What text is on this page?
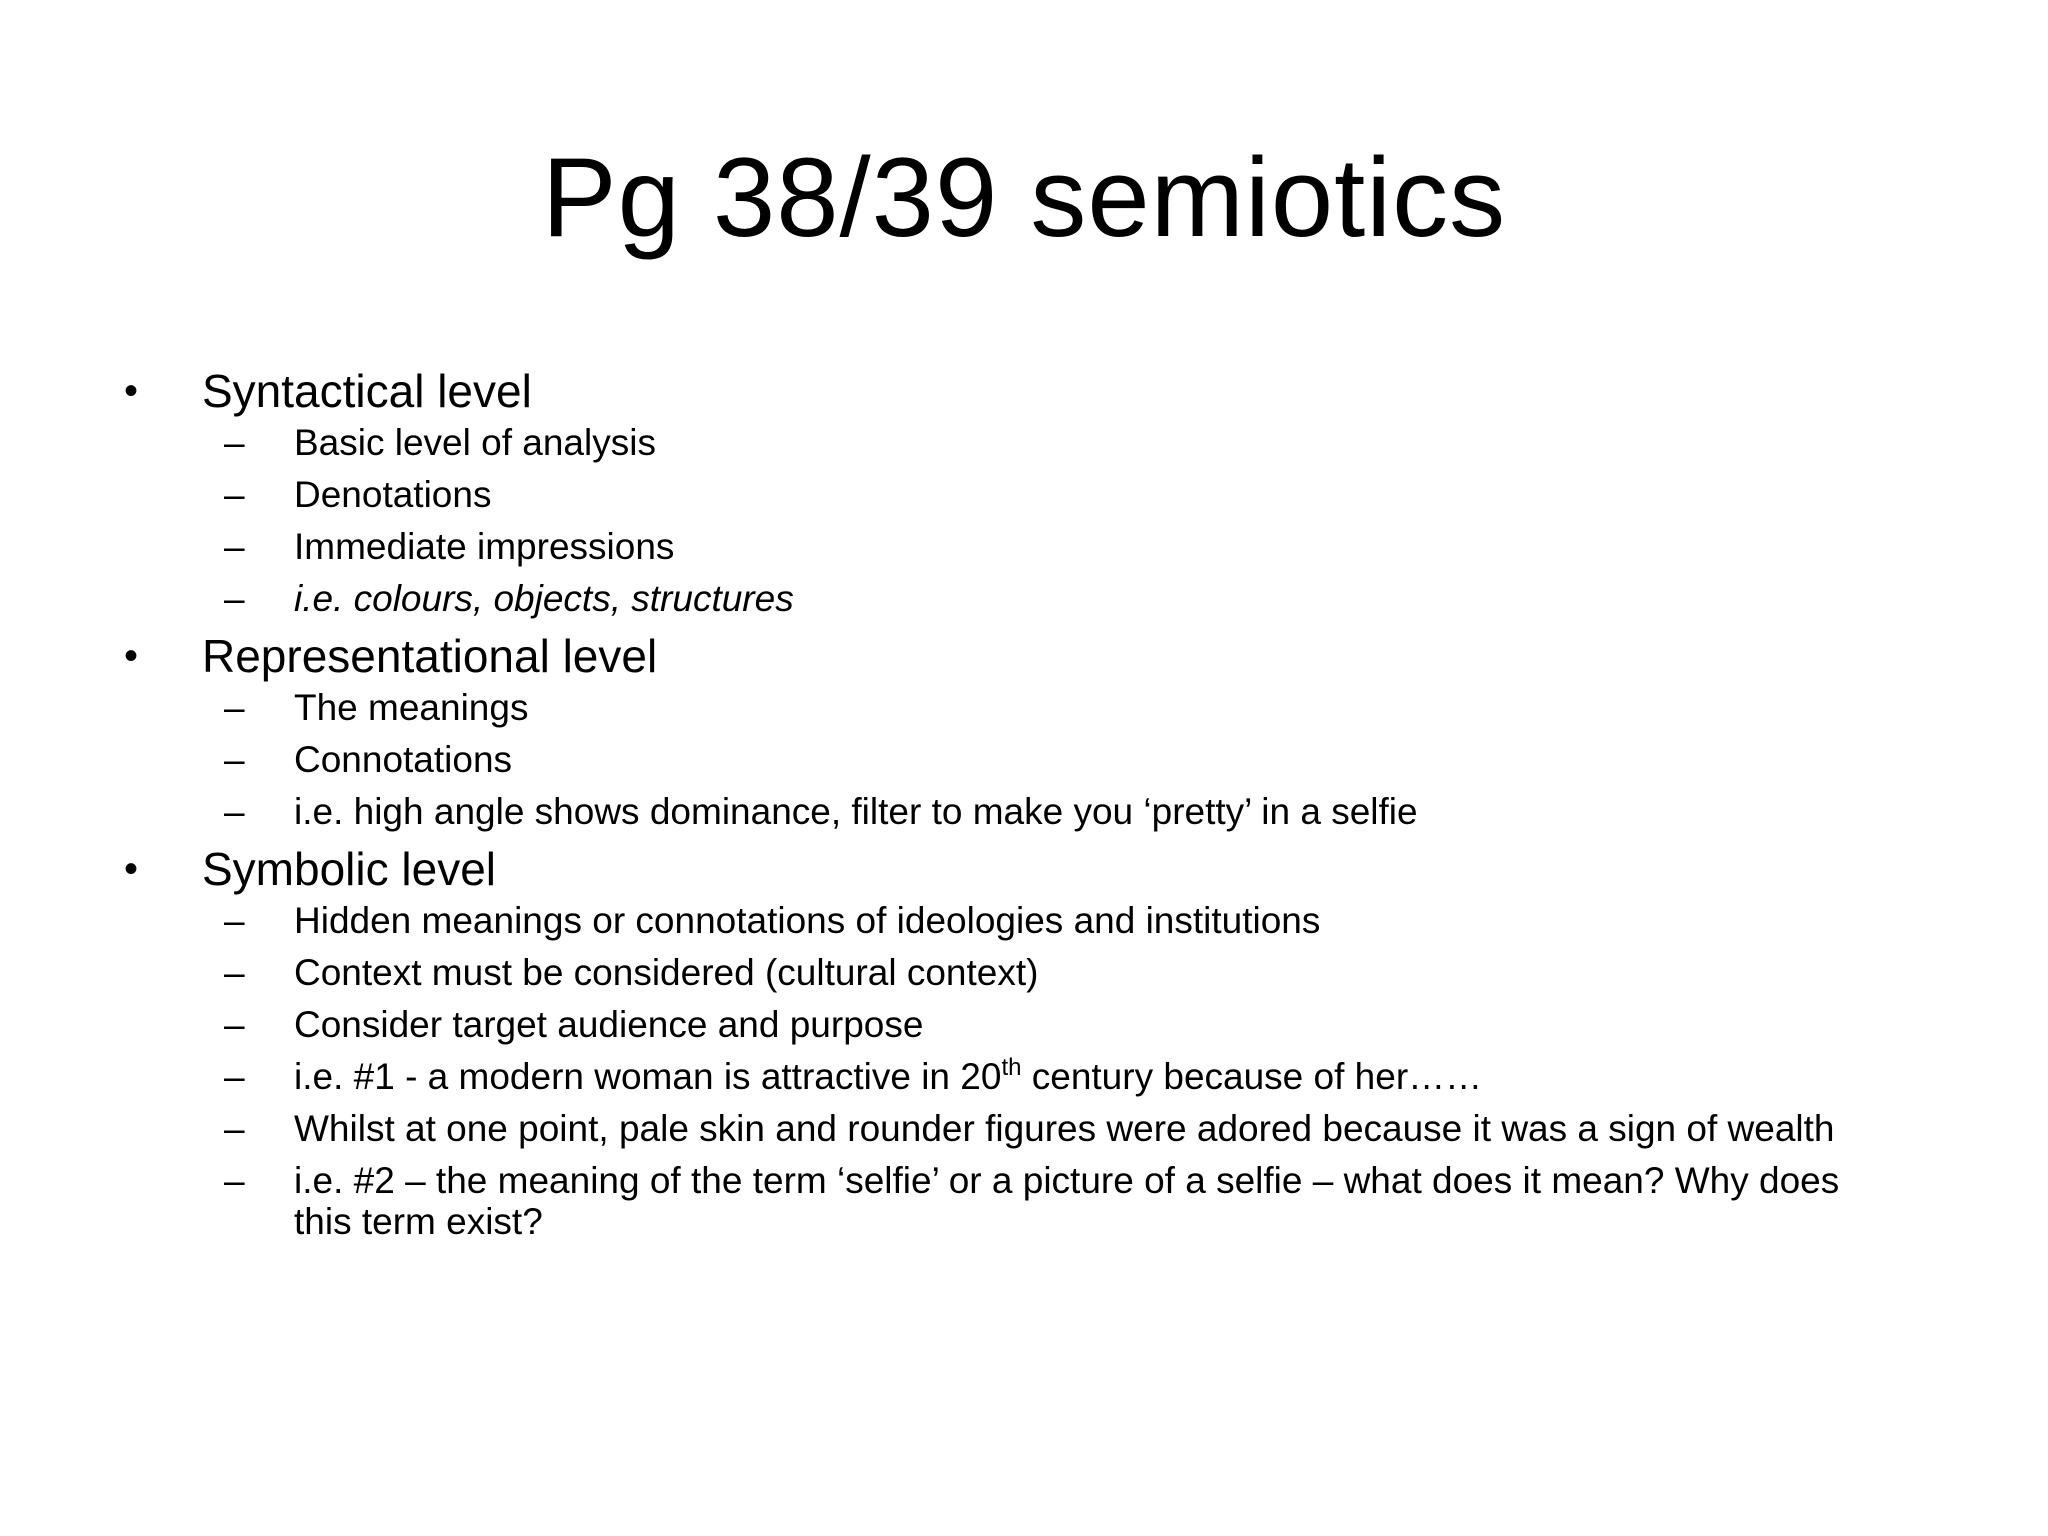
Pg 38/39 semiotics
•	Syntactical level
–	Basic level of analysis
–	Denotations
–	Immediate impressions
–	i.e. colours, objects, structures
•	Representational level
–	The meanings
–	Connotations
–	i.e. high angle shows dominance, filter to make you ‘pretty’ in a selfie
•	Symbolic level
–	Hidden meanings or connotations of ideologies and institutions
–	Context must be considered (cultural context)
–	Consider target audience and purpose
–	i.e. #1 - a modern woman is attractive in 20th century because of her……
–	Whilst at one point, pale skin and rounder figures were adored because it was a sign of wealth
–	i.e. #2 – the meaning of the term ‘selfie’ or a picture of a selfie – what does it mean? Why does this term exist?
